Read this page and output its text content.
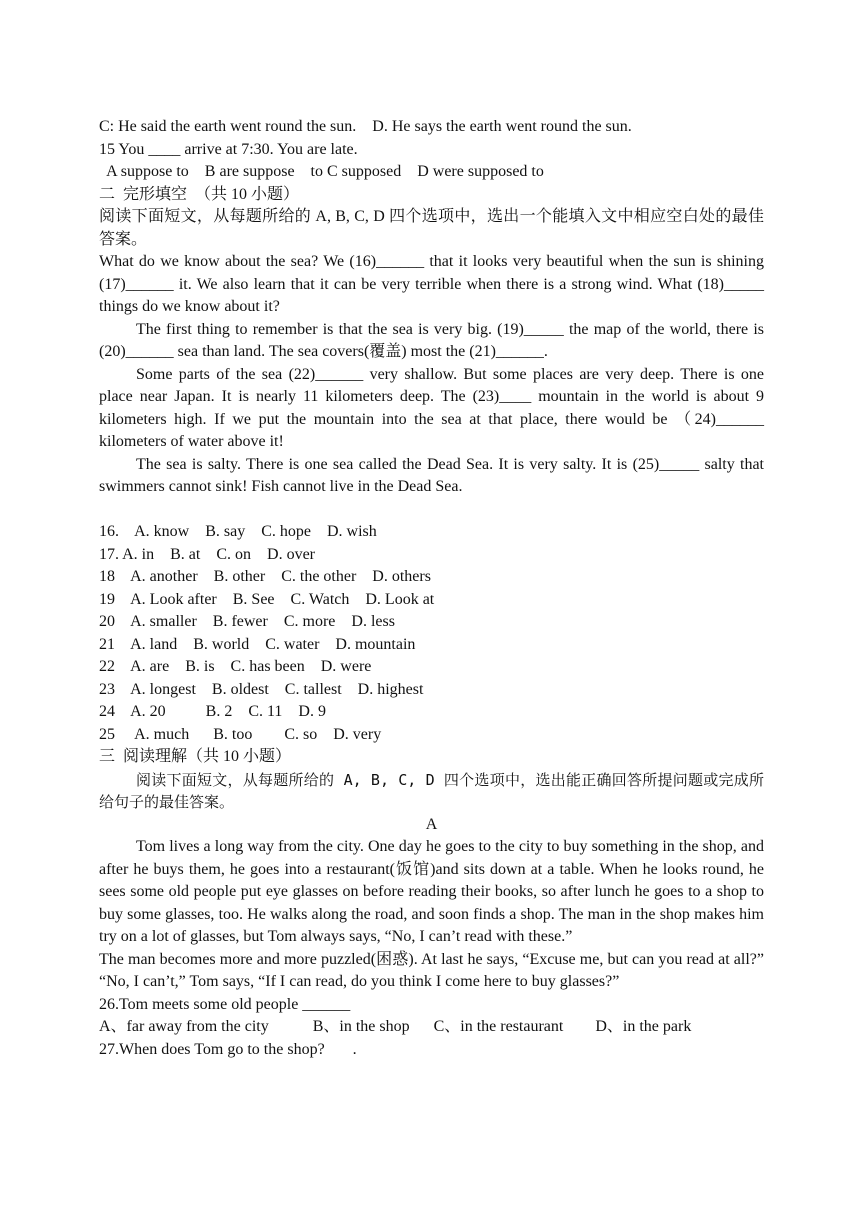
C: He said the earth went round the sun.    D. He says the earth went round the sun.
15 You ____ arrive at 7:30. You are late.
A suppose to    B are suppose    to C supposed    D were supposed to
二  完形填空  （共 10 小题）
阅读下面短文，从每题所给的 A, B, C, D 四个选项中，选出一个能填入文中相应空白处的最佳答案。
What do we know about the sea? We (16)______ that it looks very beautiful when the sun is shining (17)______ it. We also learn that it can be very terrible when there is a strong wind. What (18)_____ things do we know about it?
The first thing to remember is that the sea is very big. (19)_____ the map of the world, there is (20)______ sea than land. The sea covers(覆盖) most the (21)______.
Some parts of the sea (22)______ very shallow. But some places are very deep. There is one place near Japan. It is nearly 11 kilometers deep. The (23)____ mountain in the world is about 9 kilometers high. If we put the mountain into the sea at that place, there would be （24)______ kilometers of water above it!
The sea is salty. There is one sea called the Dead Sea. It is very salty. It is (25)_____ salty that swimmers cannot sink! Fish cannot live in the Dead Sea.
16.    A. know    B. say    C. hope    D. wish
17. A. in    B. at    C. on    D. over
18    A. another    B. other    C. the other    D. others
19    A. Look after    B. See    C. Watch    D. Look at
20    A. smaller    B. fewer    C. more    D. less
21    A. land    B. world    C. water    D. mountain
22    A. are    B. is    C. has been    D. were
23    A. longest    B. oldest    C. tallest    D. highest
24    A. 20          B. 2    C. 11    D. 9
25     A. much      B. too        C. so    D. very
三  阅读理解（共 10 小题）
阅读下面短文，从每题所给的 A, B, C, D 四个选项中，选出能正确回答所提问题或完成所给句子的最佳答案。
A
Tom lives a long way from the city. One day he goes to the city to buy something in the shop, and after he buys them, he goes into a restaurant(饭馆)and sits down at a table. When he looks round, he sees some old people put eye glasses on before reading their books, so after lunch he goes to a shop to buy some glasses, too. He walks along the road, and soon finds a shop. The man in the shop makes him try on a lot of glasses, but Tom always says, “No, I can’t read with these.”
The man becomes more and more puzzled(困惑). At last he says, “Excuse me, but can you read at all?” “No, I can’t,” Tom says, “If I can read, do you think I come here to buy glasses?”
26.Tom meets some old people ______
A、far away from the city           B、in the shop      C、in the restaurant        D、in the park
27.When does Tom go to the shop?       .
